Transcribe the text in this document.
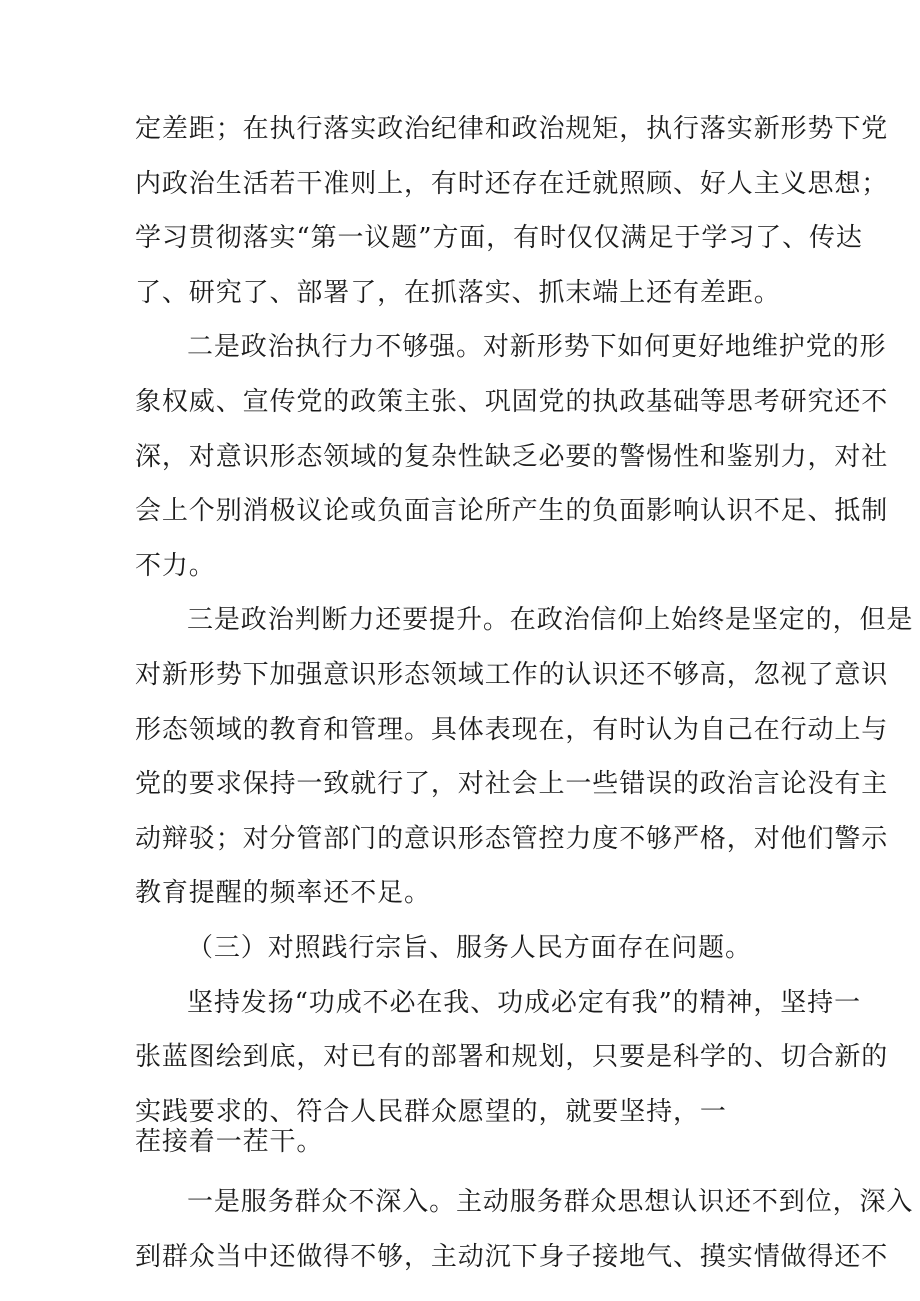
定差距；在执行落实政治纪律和政治规矩，执行落实新形势下党
内政治生活若干准则上，有时还存在迁就照顾、好人主义思想；
学习贯彻落实“第一议题”方面，有时仅仅满足于学习了、传达
了、研究了、部署了，在抓落实、抓末端上还有差距。
二是政治执行力不够强。对新形势下如何更好地维护党的形
象权威、宣传党的政策主张、巩固党的执政基础等思考研究还不
深，对意识形态领域的复杂性缺乏必要的警惕性和鉴别力，对社
会上个别消极议论或负面言论所产生的负面影响认识不足、抵制
不力。
三是政治判断力还要提升。在政治信仰上始终是坚定的，但是
对新形势下加强意识形态领域工作的认识还不够高，忽视了意识
形态领域的教育和管理。具体表现在，有时认为自己在行动上与
党的要求保持一致就行了，对社会上一些错误的政治言论没有主
动辩驳；对分管部门的意识形态管控力度不够严格，对他们警示
教育提醒的频率还不足。
（三）对照践行宗旨、服务人民方面存在问题。
坚持发扬“功成不必在我、功成必定有我”的精神，坚持一
张蓝图绘到底，对已有的部署和规划，只要是科学的、切合新的
实践要求的、符合人民群众愿望的，就要坚持，一
茬接着一茬干。
一是服务群众不深入。主动服务群众思想认识还不到位，深入
到群众当中还做得不够，主动沉下身子接地气、摸实情做得还不
